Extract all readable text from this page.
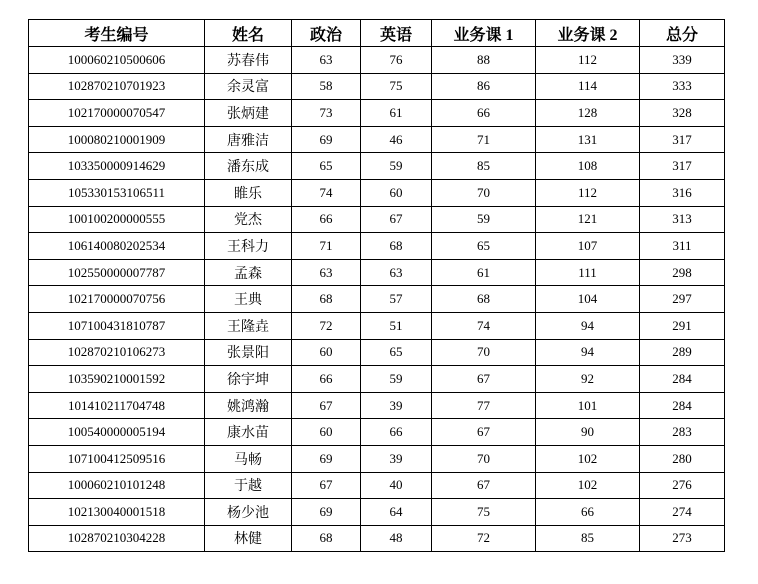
考生编号	姓名	政治	英语	业务课 1	业务课 2	总分
100060210500606	苏春伟	63	76	88	112	339
102870210701923	余灵富	58	75	86	114	333
102170000070547	张炳建	73	61	66	128	328
100080210001909	唐雅洁	69	46	71	131	317
103350000914629	潘东成	65	59	85	108	317
105330153106511	睢乐	74	60	70	112	316
100100200000555	党杰	66	67	59	121	313
106140080202534	王科力	71	68	65	107	311
102550000007787	孟森	63	63	61	111	298
102170000070756	王典	68	57	68	104	297
107100431810787	王隆垚	72	51	74	94	291
102870210106273	张景阳	60	65	70	94	289
103590210001592	徐宇坤	66	59	67	92	284
101410211704748	姚鸿瀚	67	39	77	101	284
100540000005194	康水苗	60	66	67	90	283
107100412509516	马畅	69	39	70	102	280
100060210101248	于越	67	40	67	102	276
102130040001518	杨少池	69	64	75	66	274
102870210304228	林健	68	48	72	85	273
